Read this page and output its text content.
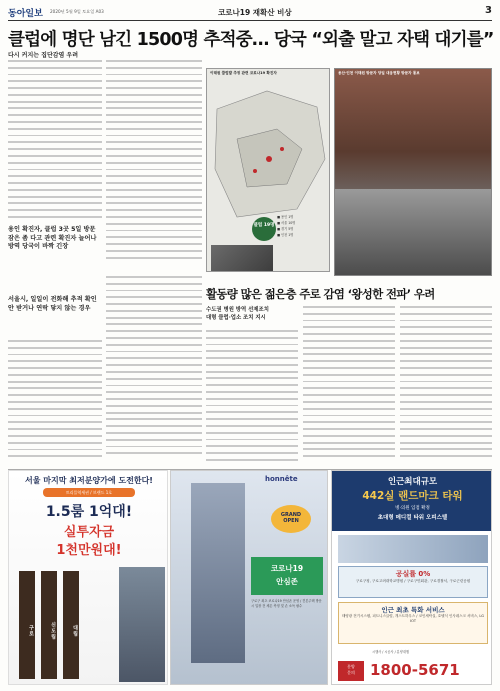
동아일보 2020년 5월 9일 토요일 A03	코로나19 재확산 비상	3
클럽에 명단 남긴 1500명 추적중… 당국 “외출 말고 자택 대기를”
다시 커지는 집단감염 우려
용인 확진자, 클럽 3곳 5일 방문 잠은 좀 다고 관련 확진자 늘어나 방역 당국이 바짝 긴장
서울시, 일일이 전화해 추적 확인 안 받거나 연락 닿지 않는 경우
이태원 클럽발 추정 관련 코로나19 확진자
클럽 19명
■ 용인 1명
■ 서울 10명
■ 경기 5명
■ 인천 1명
용산·인천 이태원 방문자 당일 대응현황 방문자 통보
활동량 많은 젊은층 주로 감염 ‘왕성한 전파’ 우려
수도권 병원 방역 선제조치
대형 클럽·업소 조치 지시
서울 마지막 최저분양가에 도전한다!
트리플역세권 / 브랜드 1호
1.5룸 1억대!
실투자금
1천만원대!
구로	신도림	대림
honnête
GRAND
OPEN
코로나19
안심존
구로구 최초 코로나19 안심존 운영 / 견본주택 방문 시 입장 전 체온 측정 및 손 소독 필수
인근최대규모
442실 랜드마크 타워
병·의원 입점 확정
초대형 메디컬 타워 오피스텔
공실률 0%
구로구청, 구로고려대학교병원 / 구로구민회관, 구로경찰서, 구로근린공원
인근 최초 특화 서비스
태양광 전기시스템, 피트니스클럽, 개스트하우스 / 코인세탁실, 호텔식 인사데스크 서비스, LG IOT
시행사 / 시공사 / 분양대행
분양
문의	1800-5671
